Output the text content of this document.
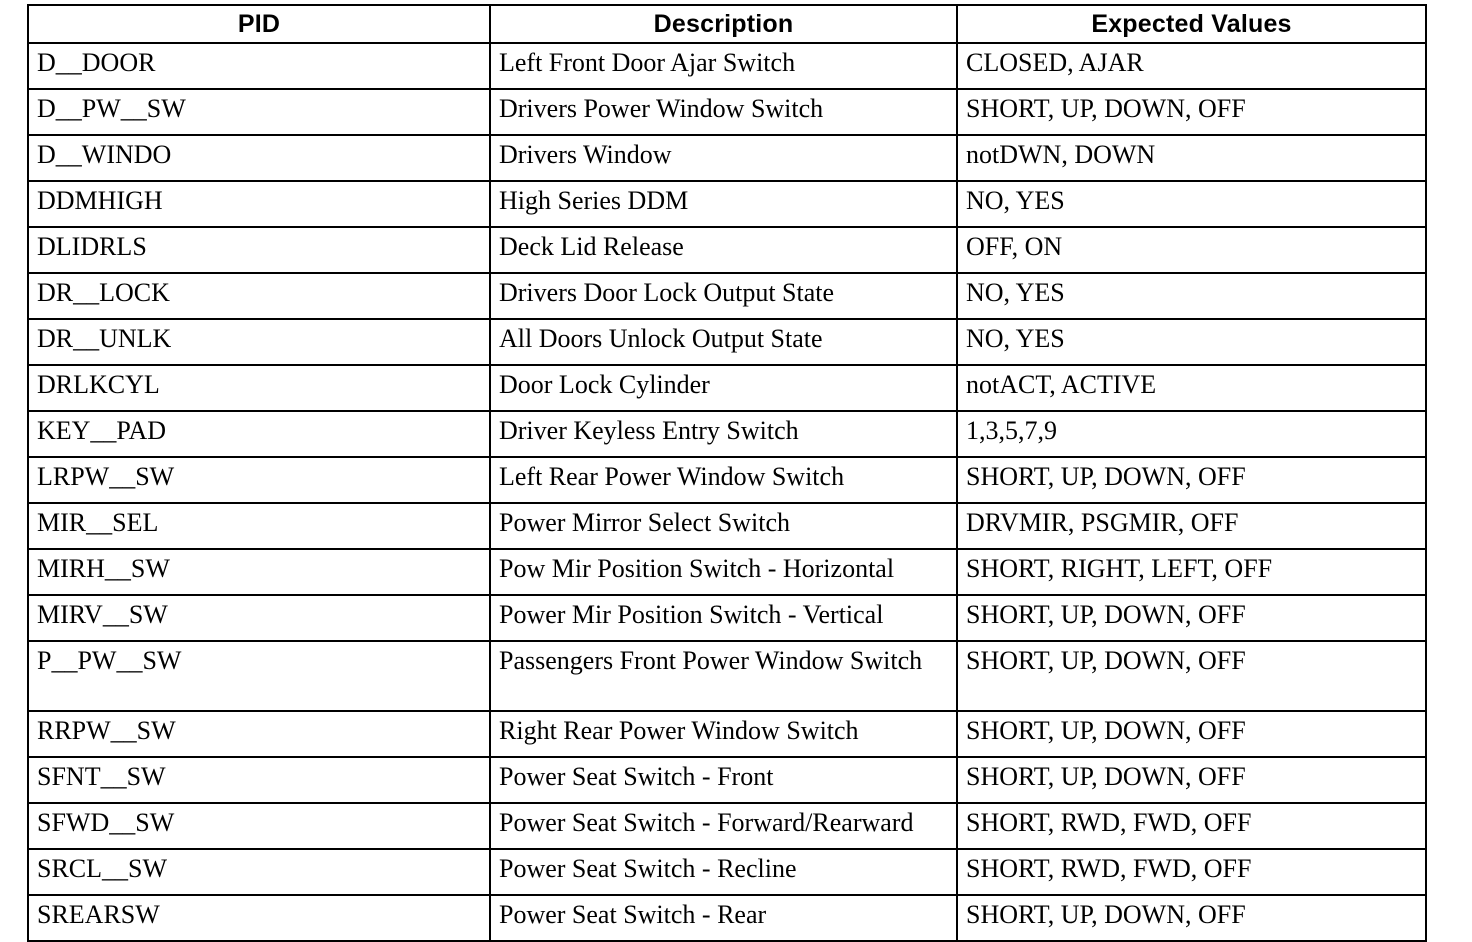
PID	Description	Expected Values
D__DOOR	Left Front Door Ajar Switch	CLOSED, AJAR
D__PW__SW	Drivers Power Window Switch	SHORT, UP, DOWN, OFF
D__WINDO	Drivers Window	notDWN, DOWN
DDMHIGH	High Series DDM	NO, YES
DLIDRLS	Deck Lid Release	OFF, ON
DR__LOCK	Drivers Door Lock Output State	NO, YES
DR__UNLK	All Doors Unlock Output State	NO, YES
DRLKCYL	Door Lock Cylinder	notACT, ACTIVE
KEY__PAD	Driver Keyless Entry Switch	1,3,5,7,9
LRPW__SW	Left Rear Power Window Switch	SHORT, UP, DOWN, OFF
MIR__SEL	Power Mirror Select Switch	DRVMIR, PSGMIR, OFF
MIRH__SW	Pow Mir Position Switch - Horizontal	SHORT, RIGHT, LEFT, OFF
MIRV__SW	Power Mir Position Switch - Vertical	SHORT, UP, DOWN, OFF
P__PW__SW	Passengers Front Power Window Switch	SHORT, UP, DOWN, OFF
RRPW__SW	Right Rear Power Window Switch	SHORT, UP, DOWN, OFF
SFNT__SW	Power Seat Switch - Front	SHORT, UP, DOWN, OFF
SFWD__SW	Power Seat Switch - Forward/Rearward	SHORT, RWD, FWD, OFF
SRCL__SW	Power Seat Switch - Recline	SHORT, RWD, FWD, OFF
SREARSW	Power Seat Switch - Rear	SHORT, UP, DOWN, OFF
